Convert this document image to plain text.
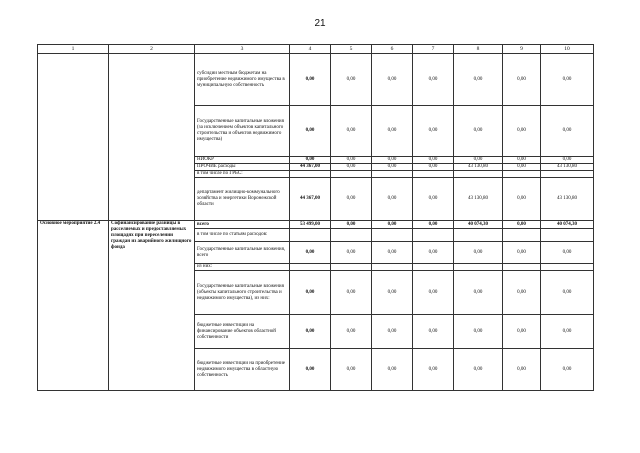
21
1	2	3	4	5	6	7	8	9	10
		субсидии местным бюджетам на приобретение недвижимого имущества в муниципальную собственность	0,00	0,00	0,00	0,00	0,00	0,00	0,00
		Государственные капитальные вложения (за исключением объектов капитального строительства и объектов недвижимого имущества)	0,00	0,00	0,00	0,00	0,00	0,00	0,00
		НИОКР	0,00	0,00	0,00	0,00	0,00	0,00	0,00
		ПРОЧИЕ расходы	44 367,00	0,00	0,00	0,00	43 130,80	0,00	43 130,80
		в том числе по ГРБС:							
		департамент жилищно-коммунального хозяйства и энергетики Воронежской области	44 367,00	0,00	0,00	0,00	43 130,80	0,00	43 130,80
Основное мероприятие 2.4	Софинансирование разницы в расселяемых и предоставляемых площадях при переселении граждан из аварийного жилищного фонда	всего	53 499,00	0,00	0,00	0,00	40 074,30	0,00	40 074,30
		в том числе по статьям расходов:							
		Государственные капитальные вложения, всего	0,00	0,00	0,00	0,00	0,00	0,00	0,00
		из них:							
		Государственные капитальные вложения (объекты капитального строительства и недвижимого имущества), из них:	0,00	0,00	0,00	0,00	0,00	0,00	0,00
		бюджетные инвестиции на финансирование объектов областной собственности	0,00	0,00	0,00	0,00	0,00	0,00	0,00
		бюджетные инвестиции на приобретение недвижимого имущества в областную собственность	0,00	0,00	0,00	0,00	0,00	0,00	0,00
